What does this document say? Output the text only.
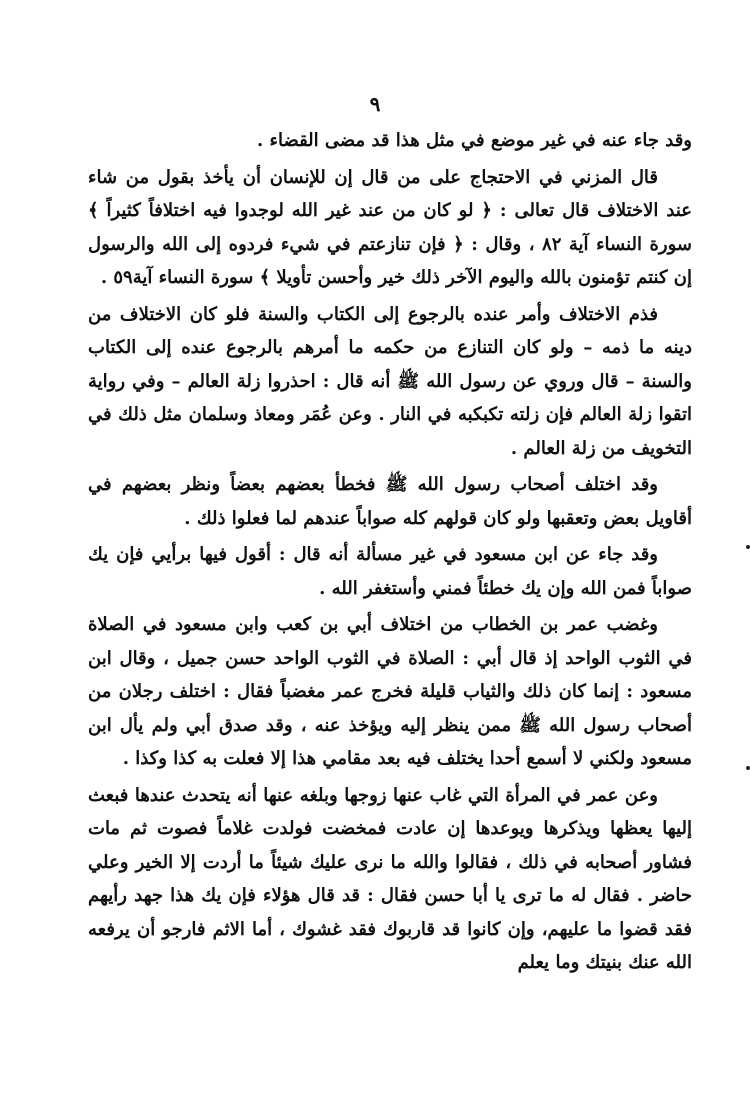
٩

وقد جاء عنه في غير موضع في مثل هذا قد مضى القضاء .

قال المزني في الاحتجاج على من قال إن للإنسان أن يأخذ بقول من شاء عند الاختلاف قال تعالى : ﴿ لو كان من عند غير الله لوجدوا فيه اختلافاً كثيراً ﴾ سورة النساء آية ٨٢ ، وقال : ﴿ فإن تنازعتم في شيء فردوه إلى الله والرسول إن كنتم تؤمنون بالله واليوم الآخر ذلك خير وأحسن تأويلا ﴾ سورة النساء آية٥٩ .

فذم الاختلاف وأمر عنده بالرجوع إلى الكتاب والسنة فلو كان الاختلاف من دينه ما ذمه – ولو كان التنازع من حكمه ما أمرهم بالرجوع عنده إلى الكتاب والسنة – قال وروي عن رسول الله ﷺ أنه قال : احذروا زلة العالم – وفي رواية اتقوا زلة العالم فإن زلته تكبكبه في النار . وعن عُمَر ومعاذ وسلمان مثل ذلك في التخويف من زلة العالم .

وقد اختلف أصحاب رسول الله ﷺ فخطأ بعضهم بعضاً ونظر بعضهم في أقاويل بعض وتعقبها ولو كان قولهم كله صواباً عندهم لما فعلوا ذلك .

وقد جاء عن ابن مسعود في غير مسألة أنه قال : أقول فيها برأيي فإن يك صواباً فمن الله وإن يك خطئاً فمني وأستغفر الله .

وغضب عمر بن الخطاب من اختلاف أبي بن كعب وابن مسعود في الصلاة في الثوب الواحد إذ قال أبي : الصلاة في الثوب الواحد حسن جميل ، وقال ابن مسعود : إنما كان ذلك والثياب قليلة فخرج عمر مغضباً فقال : اختلف رجلان من أصحاب رسول الله ﷺ ممن ينظر إليه ويؤخذ عنه ، وقد صدق أبي ولم يأل ابن مسعود ولكني لا أسمع أحدا يختلف فيه بعد مقامي هذا إلا فعلت به كذا وكذا .

وعن عمر في المرأة التي غاب عنها زوجها وبلغه عنها أنه يتحدث عندها فبعث إليها يعظها ويذكرها ويوعدها إن عادت فمخضت فولدت غلاماً فصوت ثم مات فشاور أصحابه في ذلك ، فقالوا والله ما نرى عليك شيئاً ما أردت إلا الخير وعلي حاضر . فقال له ما ترى يا أبا حسن فقال : قد قال هؤلاء فإن يك هذا جهد رأيهم فقد قضوا ما عليهم، وإن كانوا قد قاربوك فقد غشوك ، أما الاثم فارجو أن يرفعه الله عنك بنيتك وما يعلم
